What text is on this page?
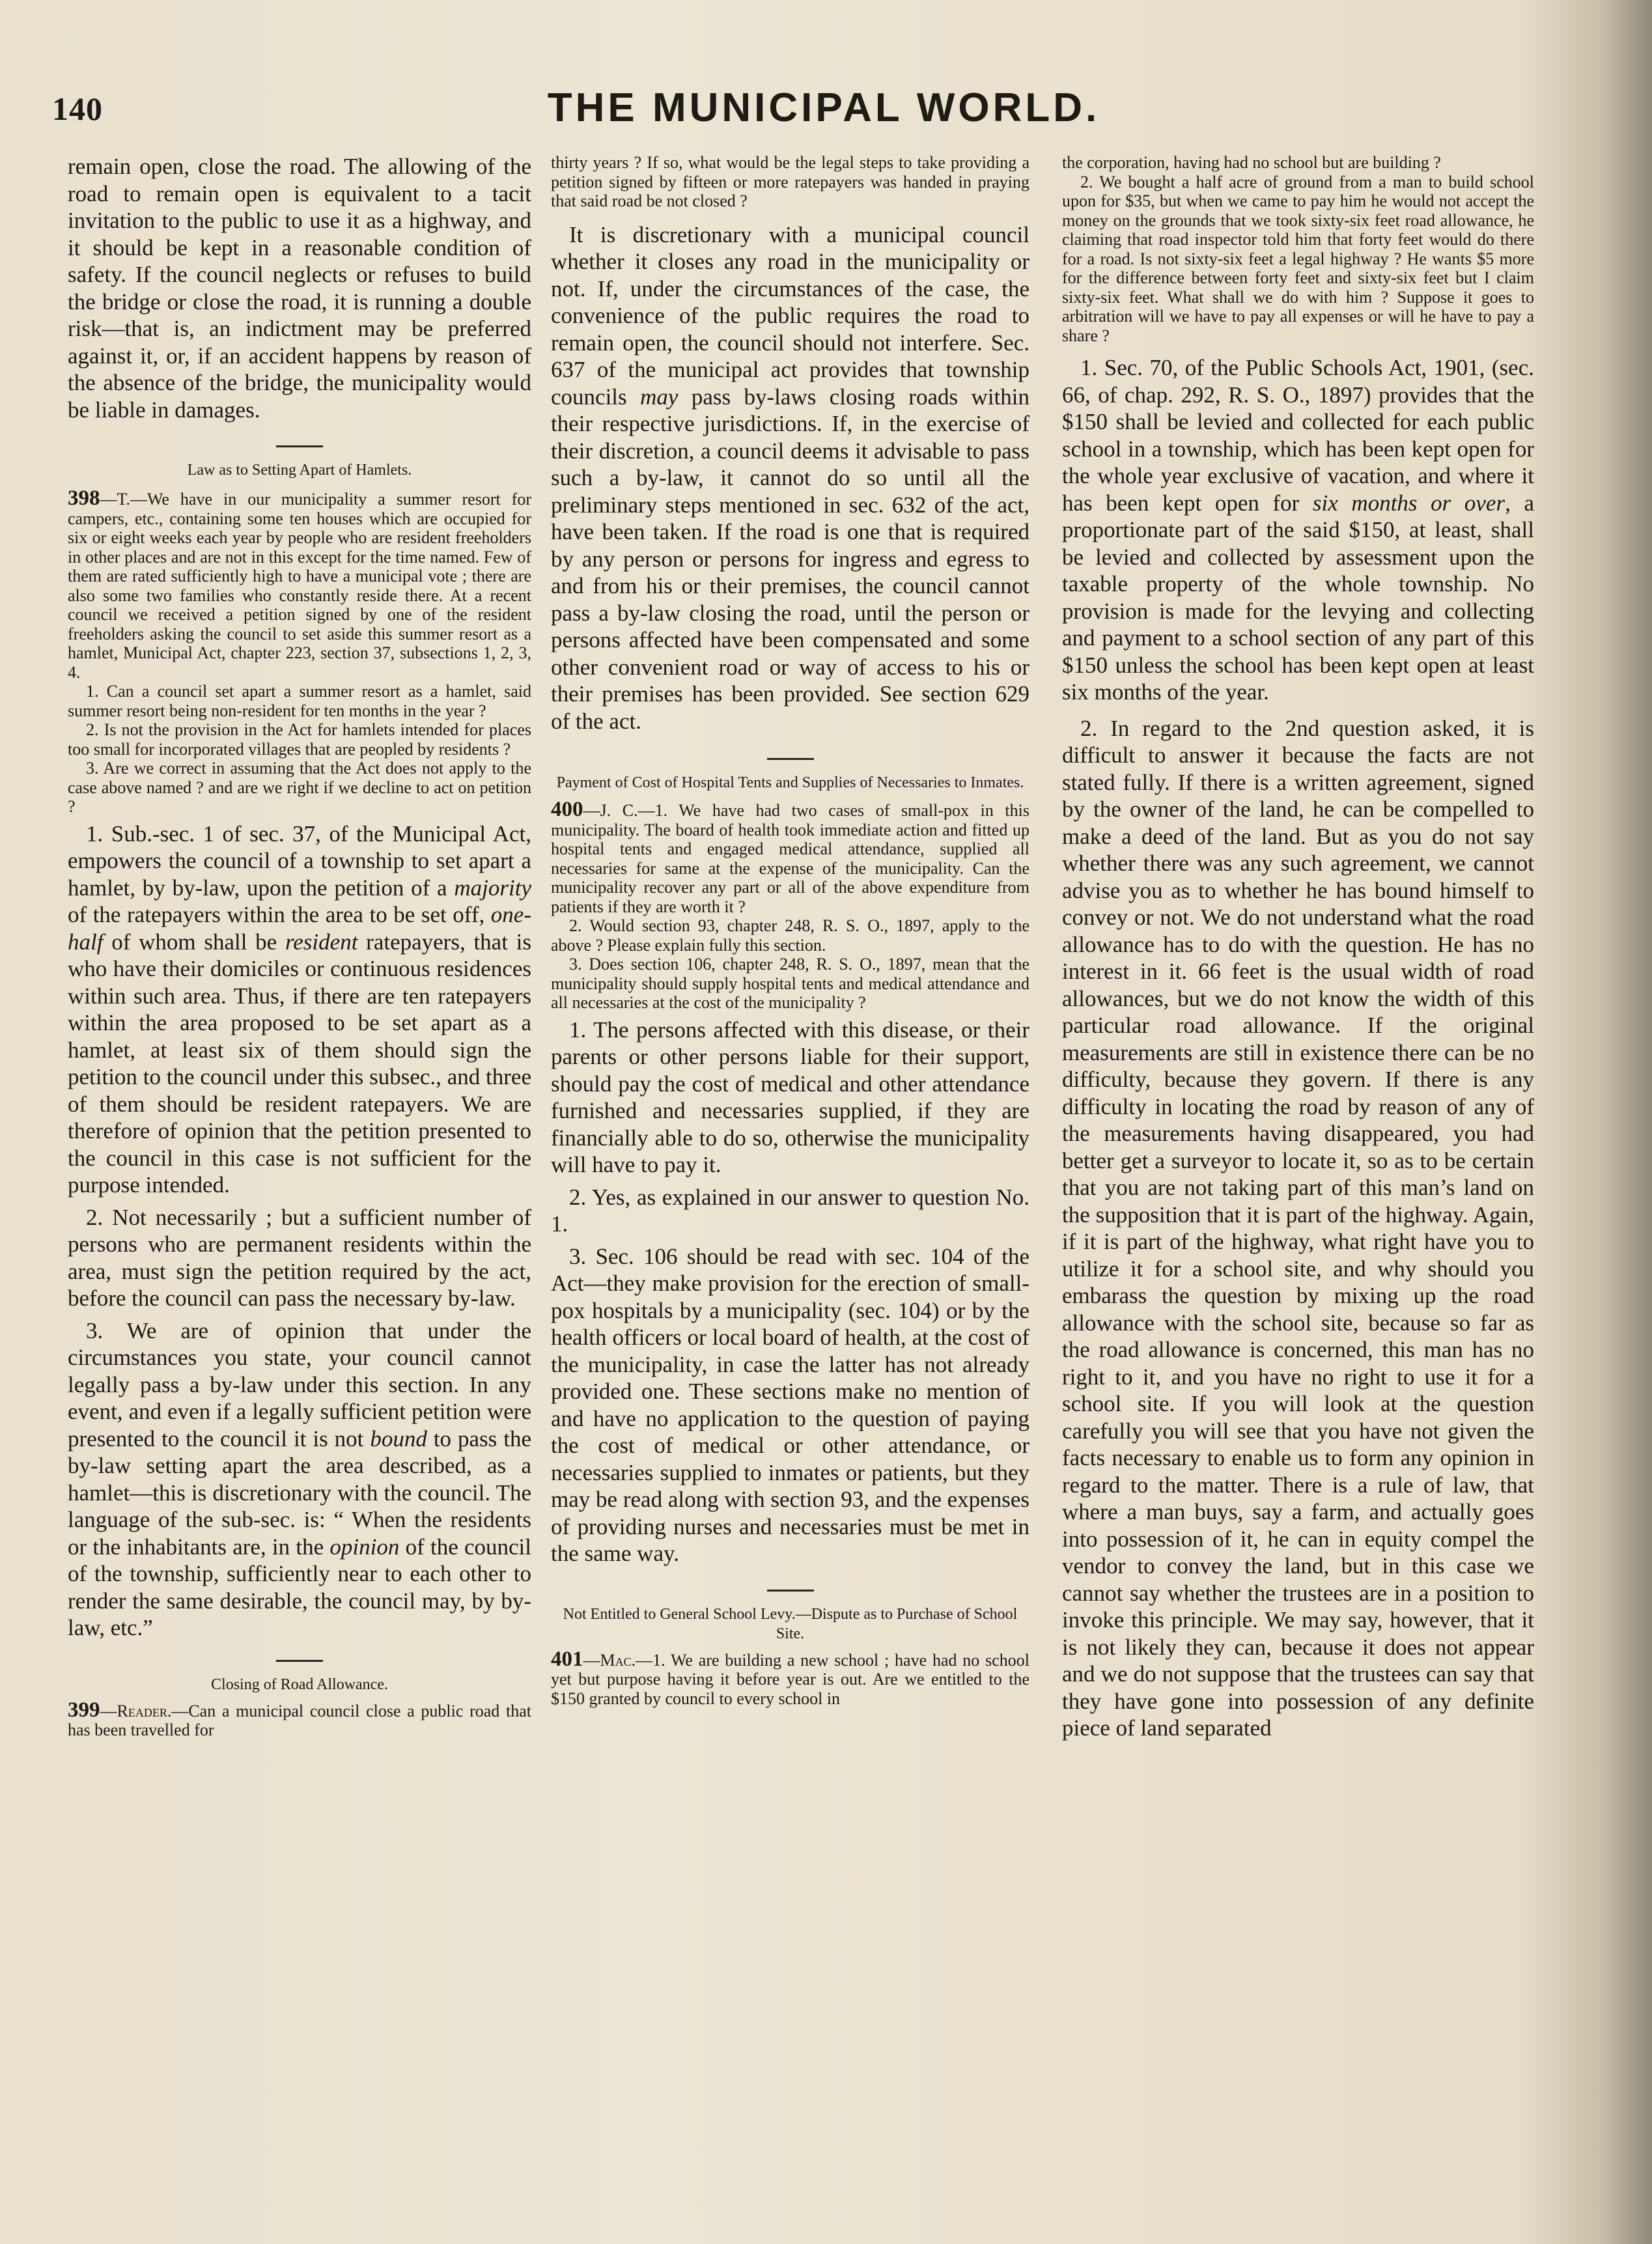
140	THE MUNICIPAL WORLD.

remain open, close the road. The allowing of the road to remain open is equivalent to a tacit invitation to the public to use it as a highway, and it should be kept in a reasonable condition of safety. If the council neglects or refuses to build the bridge or close the road, it is running a double risk—that is, an indictment may be preferred against it, or, if an accident happens by reason of the absence of the bridge, the municipality would be liable in damages.

Law as to Setting Apart of Hamlets.

398—T.—We have in our municipality a summer resort for campers, etc., containing some ten houses which are occupied for six or eight weeks each year by people who are resident freeholders in other places and are not in this except for the time named. Few of them are rated sufficiently high to have a municipal vote ; there are also some two families who constantly reside there. At a recent council we received a petition signed by one of the resident freeholders asking the council to set aside this summer resort as a hamlet, Municipal Act, chapter 223, section 37, subsections 1, 2, 3, 4.

1. Can a council set apart a summer resort as a hamlet, said summer resort being non-resident for ten months in the year ?

2. Is not the provision in the Act for hamlets intended for places too small for incorporated villages that are peopled by residents ?

3. Are we correct in assuming that the Act does not apply to the case above named ? and are we right if we decline to act on petition ?

1. Sub.-sec. 1 of sec. 37, of the Municipal Act, empowers the council of a township to set apart a hamlet, by by-law, upon the petition of a majority of the ratepayers within the area to be set off, one-half of whom shall be resident ratepayers, that is who have their domiciles or continuous residences within such area. Thus, if there are ten ratepayers within the area proposed to be set apart as a hamlet, at least six of them should sign the petition to the council under this subsec., and three of them should be resident ratepayers. We are therefore of opinion that the petition presented to the council in this case is not sufficient for the purpose intended.

2. Not necessarily ; but a sufficient number of persons who are permanent residents within the area, must sign the petition required by the act, before the council can pass the necessary by-law.

3. We are of opinion that under the circumstances you state, your council cannot legally pass a by-law under this section. In any event, and even if a legally sufficient petition were presented to the council it is not bound to pass the by-law setting apart the area described, as a hamlet—this is discretionary with the council. The language of the sub-sec. is: “ When the residents or the inhabitants are, in the opinion of the council of the township, sufficiently near to each other to render the same desirable, the council may, by by-law, etc.”

Closing of Road Allowance.

399—Reader.—Can a municipal council close a public road that has been travelled for

thirty years ? If so, what would be the legal steps to take providing a petition signed by fifteen or more ratepayers was handed in praying that said road be not closed ?

It is discretionary with a municipal council whether it closes any road in the municipality or not. If, under the circumstances of the case, the convenience of the public requires the road to remain open, the council should not interfere. Sec. 637 of the municipal act provides that township councils may pass by-laws closing roads within their respective jurisdictions. If, in the exercise of their discretion, a council deems it advisable to pass such a by-law, it cannot do so until all the preliminary steps mentioned in sec. 632 of the act, have been taken. If the road is one that is required by any person or persons for ingress and egress to and from his or their premises, the council cannot pass a by-law closing the road, until the person or persons affected have been compensated and some other convenient road or way of access to his or their premises has been provided. See section 629 of the act.

Payment of Cost of Hospital Tents and Supplies of Necessaries to Inmates.

400—J. C.—1. We have had two cases of small-pox in this municipality. The board of health took immediate action and fitted up hospital tents and engaged medical attendance, supplied all necessaries for same at the expense of the municipality. Can the municipality recover any part or all of the above expenditure from patients if they are worth it ?

2. Would section 93, chapter 248, R. S. O., 1897, apply to the above ? Please explain fully this section.

3. Does section 106, chapter 248, R. S. O., 1897, mean that the municipality should supply hospital tents and medical attendance and all necessaries at the cost of the municipality ?

1. The persons affected with this disease, or their parents or other persons liable for their support, should pay the cost of medical and other attendance furnished and necessaries supplied, if they are financially able to do so, otherwise the municipality will have to pay it.

2. Yes, as explained in our answer to question No. 1.

3. Sec. 106 should be read with sec. 104 of the Act—they make provision for the erection of small-pox hospitals by a municipality (sec. 104) or by the health officers or local board of health, at the cost of the municipality, in case the latter has not already provided one. These sections make no mention of and have no application to the question of paying the cost of medical or other attendance, or necessaries supplied to inmates or patients, but they may be read along with section 93, and the expenses of providing nurses and necessaries must be met in the same way.

Not Entitled to General School Levy.—Dispute as to Purchase of School Site.

401—Mac.—1. We are building a new school ; have had no school yet but purpose having it before year is out. Are we entitled to the $150 granted by council to every school in

the corporation, having had no school but are building ?

2. We bought a half acre of ground from a man to build school upon for $35, but when we came to pay him he would not accept the money on the grounds that we took sixty-six feet road allowance, he claiming that road inspector told him that forty feet would do there for a road. Is not sixty-six feet a legal highway ? He wants $5 more for the difference between forty feet and sixty-six feet but I claim sixty-six feet. What shall we do with him ? Suppose it goes to arbitration will we have to pay all expenses or will he have to pay a share ?

1. Sec. 70, of the Public Schools Act, 1901, (sec. 66, of chap. 292, R. S. O., 1897) provides that the $150 shall be levied and collected for each public school in a township, which has been kept open for the whole year exclusive of vacation, and where it has been kept open for six months or over, a proportionate part of the said $150, at least, shall be levied and collected by assessment upon the taxable property of the whole township. No provision is made for the levying and collecting and payment to a school section of any part of this $150 unless the school has been kept open at least six months of the year.

2. In regard to the 2nd question asked, it is difficult to answer it because the facts are not stated fully. If there is a written agreement, signed by the owner of the land, he can be compelled to make a deed of the land. But as you do not say whether there was any such agreement, we cannot advise you as to whether he has bound himself to convey or not. We do not understand what the road allowance has to do with the question. He has no interest in it. 66 feet is the usual width of road allowances, but we do not know the width of this particular road allowance. If the original measurements are still in existence there can be no difficulty, because they govern. If there is any difficulty in locating the road by reason of any of the measurements having disappeared, you had better get a surveyor to locate it, so as to be certain that you are not taking part of this man’s land on the supposition that it is part of the highway. Again, if it is part of the highway, what right have you to utilize it for a school site, and why should you embarass the question by mixing up the road allowance with the school site, because so far as the road allowance is concerned, this man has no right to it, and you have no right to use it for a school site. If you will look at the question carefully you will see that you have not given the facts necessary to enable us to form any opinion in regard to the matter. There is a rule of law, that where a man buys, say a farm, and actually goes into possession of it, he can in equity compel the vendor to convey the land, but in this case we cannot say whether the trustees are in a position to invoke this principle. We may say, however, that it is not likely they can, because it does not appear and we do not suppose that the trustees can say that they have gone into possession of any definite piece of land separated
